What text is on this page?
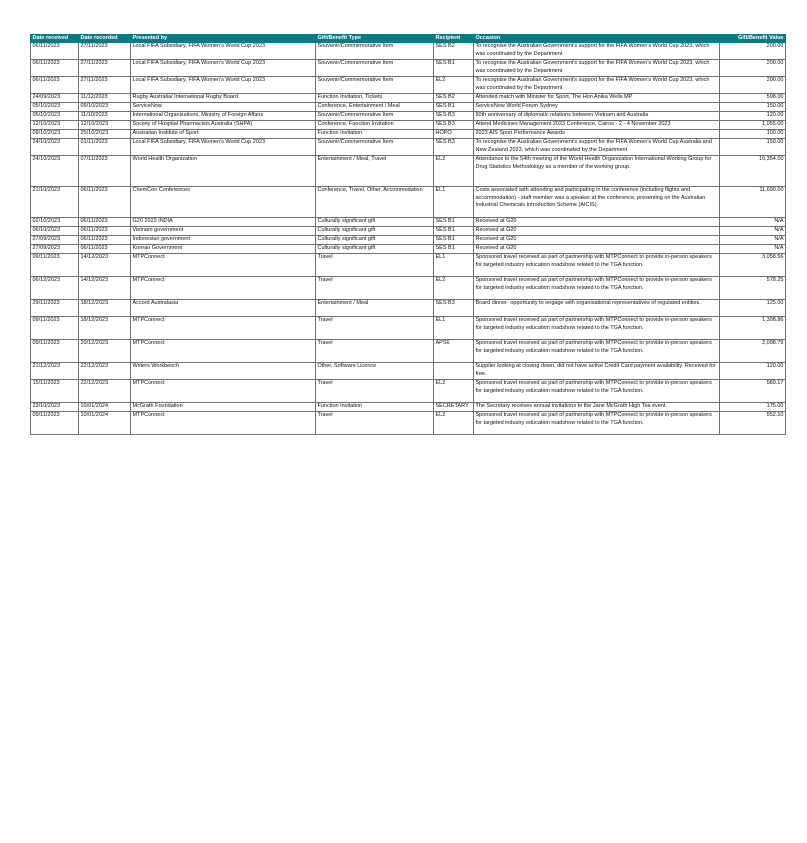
Date received	Date recorded	Presented by	Gift/Benefit Type	Recipient	Occasion	Gift/Benefit Value
06/11/2023	27/11/2023	Local FIFA Subsidiary, FIFA Women's World Cup 2023	Souvenir/Commemorative Item	SES B2	To recognise the Australian Government's support for the FIFA Women's World Cup 2023, which was coordinated by the Department	200.00
06/11/2023	27/11/2023	Local FIFA Subsidiary, FIFA Women's World Cup 2023	Souvenir/Commemorative Item	SES B1	To recognise the Australian Government's support for the FIFA Women's World Cup 2023, which was coordinated by the Department	200.00
06/11/2023	27/11/2023	Local FIFA Subsidiary, FIFA Women's World Cup 2023	Souvenir/Commemorative Item	EL2	To recognise the Australian Government's support for the FIFA Women's World Cup 2023, which was coordinated by the Department	200.00
24/09/2023	11/12/2023	Rugby Australia/ International Rugby Board	Function Invitation, Tickets	SES B2	Attended match with Minister for Sport, The Hon Anika Wells MP	598.00
05/10/2023	09/10/2023	ServiceNow	Conference, Entertainment / Meal	SES B1	ServiceNow World Forum Sydney	150.00
05/10/2023	11/10/2023	International Organizations, Ministry of Foreign Affairs	Souvenir/Commemorative Item	SES B3	50th anniversary of diplomatic relations between Vietnam and Australia	120.00
12/10/2023	12/10/2023	Society of Hospital Pharmacists Australia (SHPA)	Conference, Function Invitation	SES B3	Attend Medicines Management 2023 Conference, Cairns - 2 - 4 November 2023	1,055.00
09/10/2023	25/10/2023	Australian Institute of Sport	Function Invitation	HOPO	2023 AIS Sport Performance Awards	100.00
24/10/2023	01/11/2023	Local FIFA Subsidiary, FIFA Women's World Cup 2023	Souvenir/Commemorative Item	SES B3	To recognise the Australian Government's support for the FIFA Women's World Cup Australia and New Zealand 2023, which was coordinated by the Department	150.00
24/10/2023	07/11/2023	World Health Organization	Entertainment / Meal, Travel	EL2	Attendance to the 54th meeting of the World Health Organization International Working Group for Drug Statistics Methodology as a member of the working group.	16,354.00
21/10/2023	06/11/2023	ChemCon Conferences	Conference, Travel, Other, Accommodation	EL1	Costs associated with attending and participating in the conference (including flights and accommodation) - staff member was a speaker at the conference, presenting on the Australian Industrial Chemicals Introduction Scheme (AICIS).	11,690.00
02/10/2023	06/11/2023	G20 2023 INDIA	Culturally significant gift	SES B1	Received at G20	N/A
06/10/2023	06/11/2023	Vietnam government	Culturally significant gift	SES B1	Received at G20	N/A
27/09/2023	06/11/2023	Indonesian government	Culturally significant gift	SES B1	Received at G20	N/A
27/09/2023	06/11/2023	Korean Government	Culturally significant gift	SES B1	Received at G20	N/A
09/11/2023	14/12/2023	MTPConnect	Travel	EL1	Sponsored travel received as part of partnership with MTPConnect to provide in-person speakers for targeted industry education roadshow related to the TGA function.	3,058.56
06/12/2023	14/12/2023	MTPConnect	Travel	EL2	Sponsored travel received as part of partnership with MTPConnect to provide in-person speakers for targeted industry education roadshow related to the TGA function.	578.25
29/11/2023	18/12/2023	Accord Australasia	Entertainment / Meal	SES B3	Board dinner- opportunity to engage with organisational representatives of regulated entities.	125.00
09/11/2023	18/12/2023	MTPConnect	Travel	EL1	Sponsored travel received as part of partnership with MTPConnect to provide in-person speakers for targeted industry education roadshow related to the TGA function.	1,308.86
09/11/2023	20/12/2023	MTPConnect	Travel	APS6	Sponsored travel received as part of partnership with MTPConnect to provide in-person speakers for targeted industry education roadshow related to the TGA function.	2,098.79
21/12/2023	22/12/2023	Writers Workbench	Other, Software Licence		Supplier looking at closing down, did not have active Credit Card payment availability. Received for free.	120.00
15/11/2023	22/12/2023	MTPConnect	Travel	EL2	Sponsored travel received as part of partnership with MTPConnect to provide in-person speakers for targeted industry education roadshow related to the TGA function.	589.17
23/10/2023	10/01/2024	McGrath Foundation	Function Invitation	SECRETARY	The Secretary receives annual invitations to the Jane McGrath High Tea event.	175.00
09/11/2023	10/01/2024	MTPConnect	Travel	EL2	Sponsored travel received as part of partnership with MTPConnect to provide in-person speakers for targeted industry education roadshow related to the TGA function.	552.10
